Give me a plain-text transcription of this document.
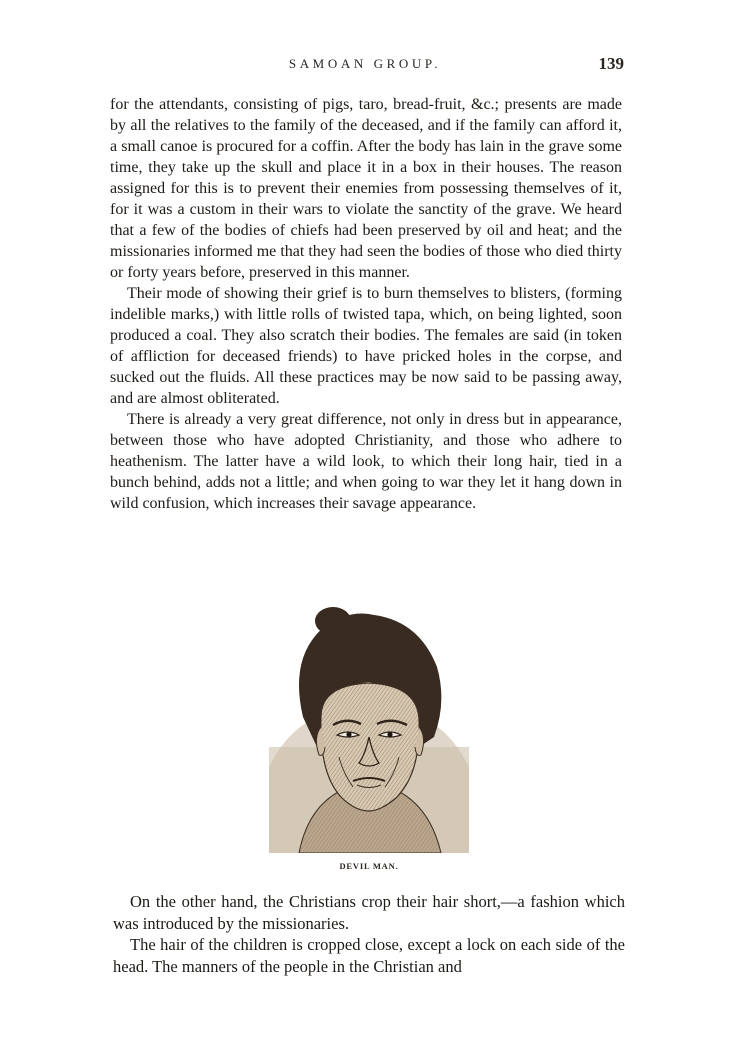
SAMOAN GROUP.	139

for the attendants, consisting of pigs, taro, bread-fruit, &c.; presents are made by all the relatives to the family of the deceased, and if the family can afford it, a small canoe is procured for a coffin. After the body has lain in the grave some time, they take up the skull and place it in a box in their houses. The reason assigned for this is to prevent their enemies from possessing themselves of it, for it was a custom in their wars to violate the sanctity of the grave. We heard that a few of the bodies of chiefs had been preserved by oil and heat; and the missionaries informed me that they had seen the bodies of those who died thirty or forty years before, preserved in this manner.

Their mode of showing their grief is to burn themselves to blisters, (forming indelible marks,) with little rolls of twisted tapa, which, on being lighted, soon produced a coal. They also scratch their bodies. The females are said (in token of affliction for deceased friends) to have pricked holes in the corpse, and sucked out the fluids. All these practices may be now said to be passing away, and are almost obliterated.

There is already a very great difference, not only in dress but in appearance, between those who have adopted Christianity, and those who adhere to heathenism. The latter have a wild look, to which their long hair, tied in a bunch behind, adds not a little; and when going to war they let it hang down in wild confusion, which increases their savage appearance.

DEVIL MAN.

On the other hand, the Christians crop their hair short,—a fashion which was introduced by the missionaries.

The hair of the children is cropped close, except a lock on each side of the head. The manners of the people in the Christian and
